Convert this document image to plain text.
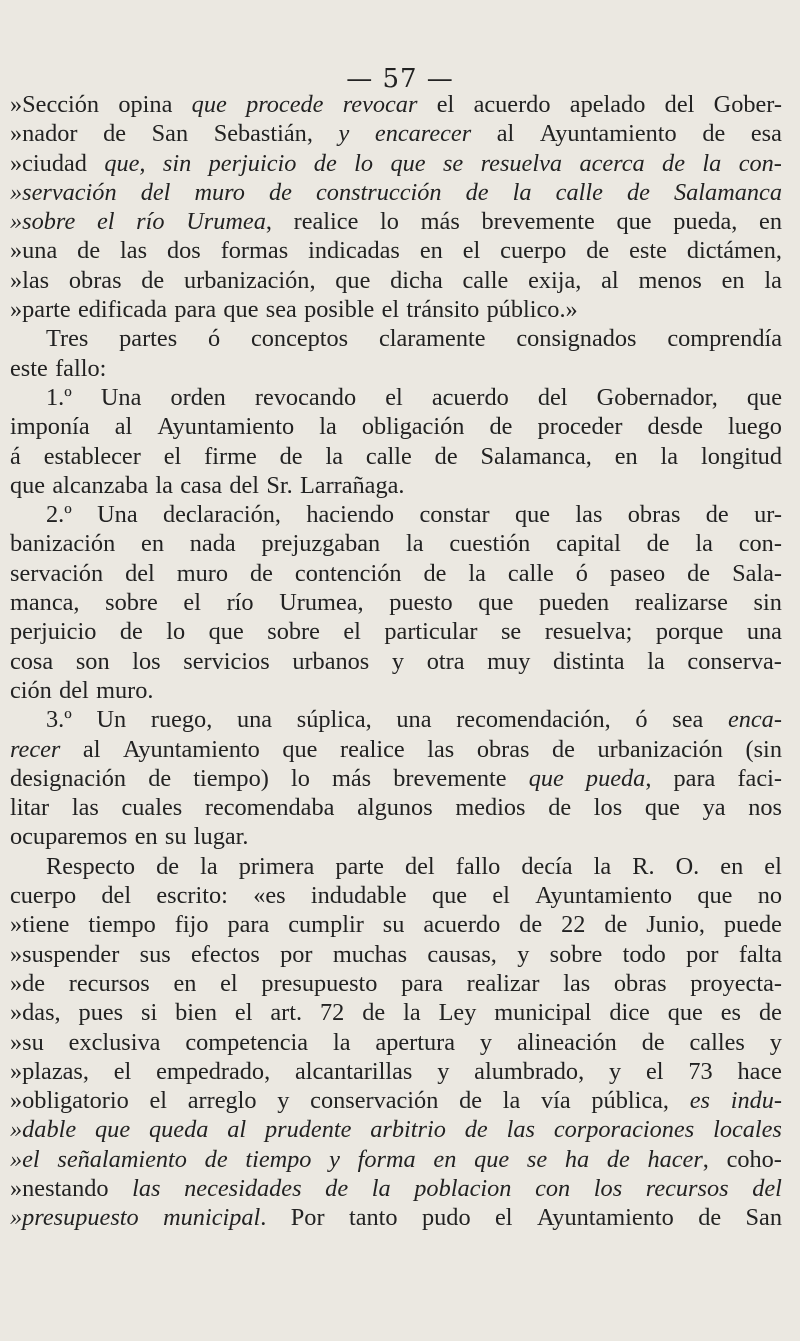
— 57 —
»Sección opina que procede revocar el acuerdo apelado del Gober-
»nador de San Sebastián, y encarecer al Ayuntamiento de esa
»ciudad que, sin perjuicio de lo que se resuelva acerca de la con-
»servación del muro de construcción de la calle de Salamanca
»sobre el río Urumea, realice lo más brevemente que pueda, en
»una de las dos formas indicadas en el cuerpo de este dictámen,
»las obras de urbanización, que dicha calle exija, al menos en la
»parte edificada para que sea posible el tránsito público.»
Tres partes ó conceptos claramente consignados comprendía
este fallo:
1.º Una orden revocando el acuerdo del Gobernador, que
imponía al Ayuntamiento la obligación de proceder desde luego
á establecer el firme de la calle de Salamanca, en la longitud
que alcanzaba la casa del Sr. Larrañaga.
2.º Una declaración, haciendo constar que las obras de ur-
banización en nada prejuzgaban la cuestión capital de la con-
servación del muro de contención de la calle ó paseo de Sala-
manca, sobre el río Urumea, puesto que pueden realizarse sin
perjuicio de lo que sobre el particular se resuelva; porque una
cosa son los servicios urbanos y otra muy distinta la conserva-
ción del muro.
3.º Un ruego, una súplica, una recomendación, ó sea enca-
recer al Ayuntamiento que realice las obras de urbanización (sin
designación de tiempo) lo más brevemente que pueda, para faci-
litar las cuales recomendaba algunos medios de los que ya nos
ocuparemos en su lugar.
Respecto de la primera parte del fallo decía la R. O. en el
cuerpo del escrito: «es indudable que el Ayuntamiento que no
»tiene tiempo fijo para cumplir su acuerdo de 22 de Junio, puede
»suspender sus efectos por muchas causas, y sobre todo por falta
»de recursos en el presupuesto para realizar las obras proyecta-
»das, pues si bien el art. 72 de la Ley municipal dice que es de
»su exclusiva competencia la apertura y alineación de calles y
»plazas, el empedrado, alcantarillas y alumbrado, y el 73 hace
»obligatorio el arreglo y conservación de la vía pública, es indu-
»dable que queda al prudente arbitrio de las corporaciones locales
»el señalamiento de tiempo y forma en que se ha de hacer, coho-
»nestando las necesidades de la poblacion con los recursos del
»presupuesto municipal. Por tanto pudo el Ayuntamiento de San
